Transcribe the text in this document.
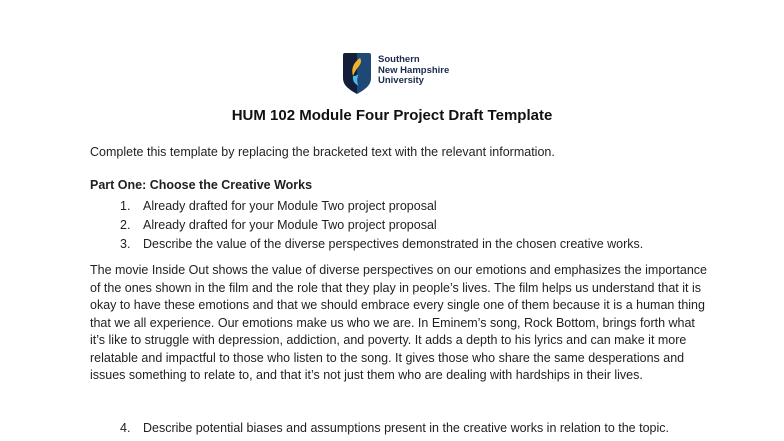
Southern
New Hampshire
University
HUM 102 Module Four Project Draft Template
Complete this template by replacing the bracketed text with the relevant information.
Part One: Choose the Creative Works
1. Already drafted for your Module Two project proposal
2. Already drafted for your Module Two project proposal
3. Describe the value of the diverse perspectives demonstrated in the chosen creative works.
The movie Inside Out shows the value of diverse perspectives on our emotions and emphasizes the importance of the ones shown in the film and the role that they play in people’s lives. The film helps us understand that it is okay to have these emotions and that we should embrace every single one of them because it is a human thing that we all experience. Our emotions make us who we are. In Eminem’s song, Rock Bottom, brings forth what it’s like to struggle with depression, addiction, and poverty. It adds a depth to his lyrics and can make it more relatable and impactful to those who listen to the song. It gives those who share the same desperations and issues something to relate to, and that it’s not just them who are dealing with hardships in their lives.
4. Describe potential biases and assumptions present in the creative works in relation to the topic.
